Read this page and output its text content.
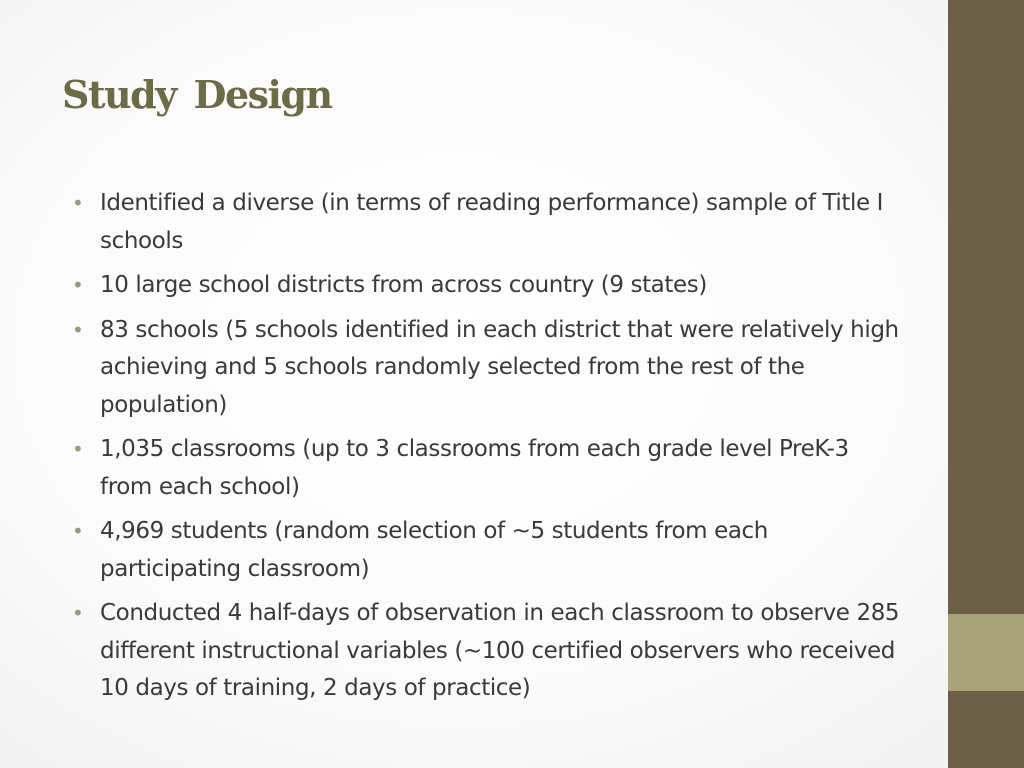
Study Design
• Identified a diverse (in terms of reading performance) sample of Title I schools
• 10 large school districts from across country (9 states)
• 83 schools (5 schools identified in each district that were relatively high achieving and 5 schools randomly selected from the rest of the population)
• 1,035 classrooms (up to 3 classrooms from each grade level PreK-3 from each school)
• 4,969 students (random selection of ~5 students from each participating classroom)
• Conducted 4 half-days of observation in each classroom to observe 285 different instructional variables (~100 certified observers who received 10 days of training, 2 days of practice)
